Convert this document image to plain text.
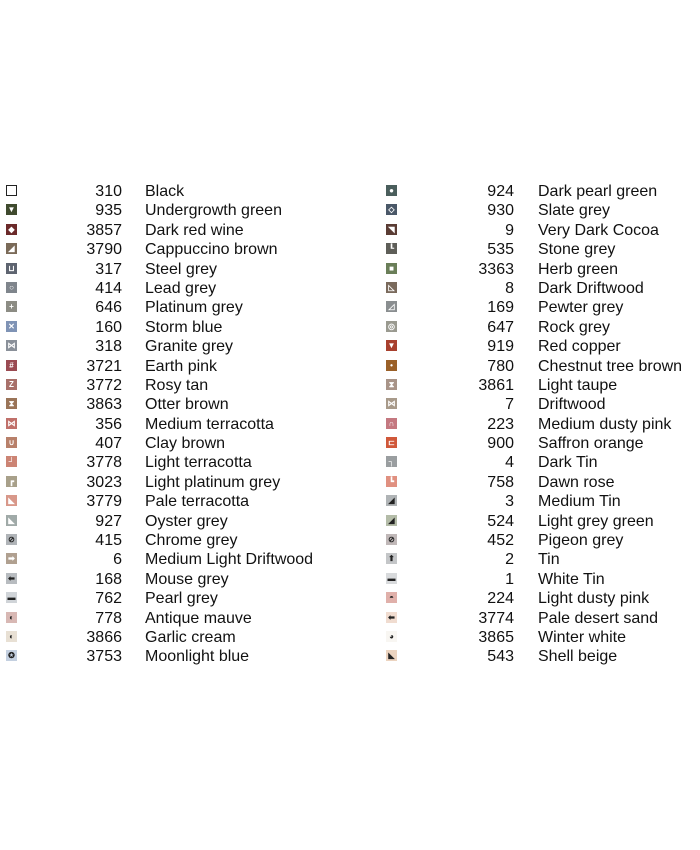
310 Black
▼	935 Undergrowth green
◆	3857 Dark red wine
◢	3790 Cappuccino brown
⊔	317 Steel grey
○	414 Lead grey
+	646 Platinum grey
✕	160 Storm blue
⋈	318 Granite grey
#	3721 Earth pink
Z	3772 Rosy tan
⧗	3863 Otter brown
⋈	356 Medium terracotta
∪	407 Clay brown
┘	3778 Light terracotta
┏	3023 Light platinum grey
◣	3779 Pale terracotta
◣	927 Oyster grey
⊘	415 Chrome grey
➡	6 Medium Light Driftwood
⬅	168 Mouse grey
▬	762 Pearl grey
◐	778 Antique mauve
◐	3866 Garlic cream
✪	3753 Moonlight blue
●	924 Dark pearl green
◇	930 Slate grey
◥	9 Very Dark Cocoa
┖	535 Stone grey
■	3363 Herb green
◺	8 Dark Driftwood
◿	169 Pewter grey
◎	647 Rock grey
▼	919 Red copper
•	780 Chestnut tree brown
⧗	3861 Light taupe
⋈	7 Driftwood
∩	223 Medium dusty pink
⊏	900 Saffron orange
┐	4 Dark Tin
┗	758 Dawn rose
◢	3 Medium Tin
◢	524 Light grey green
⊘	452 Pigeon grey
⬆	2 Tin
▬	1 White Tin
◓	224 Light dusty pink
⬅	3774 Pale desert sand
◕	3865 Winter white
◣	543 Shell beige
